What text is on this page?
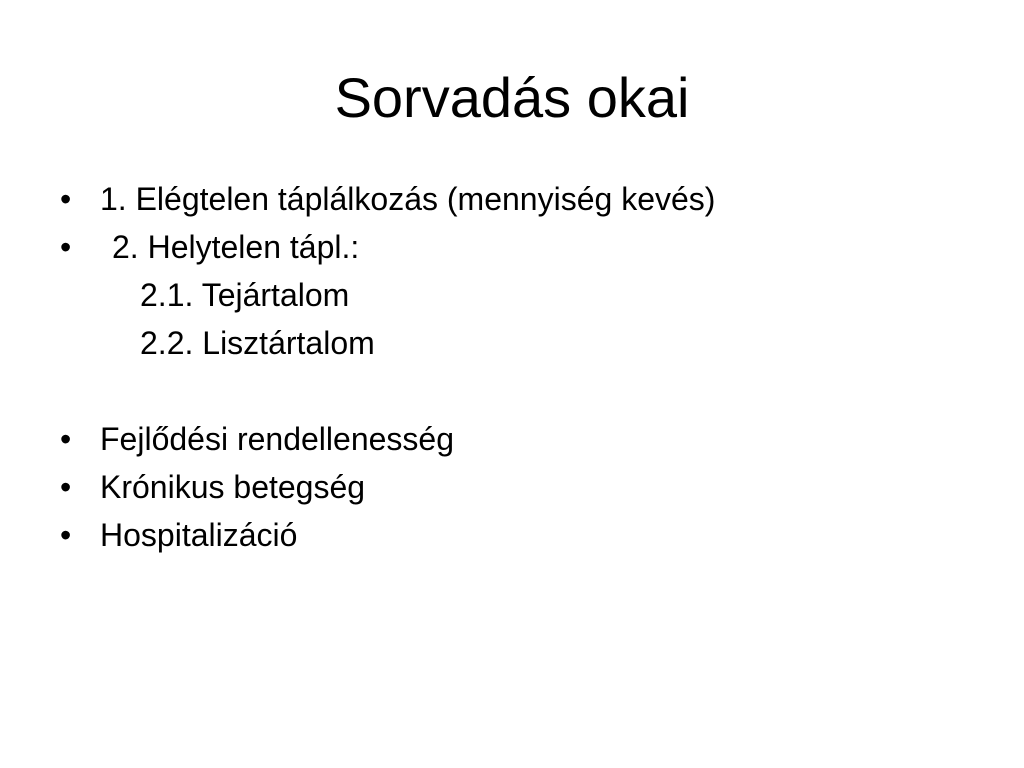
Sorvadás okai
• 1. Elégtelen táplálkozás (mennyiség kevés)
• 2. Helytelen tápl.:
2.1. Tejártalom
2.2. Lisztártalom
• Fejlődési rendellenesség
• Krónikus betegség
• Hospitalizáció
